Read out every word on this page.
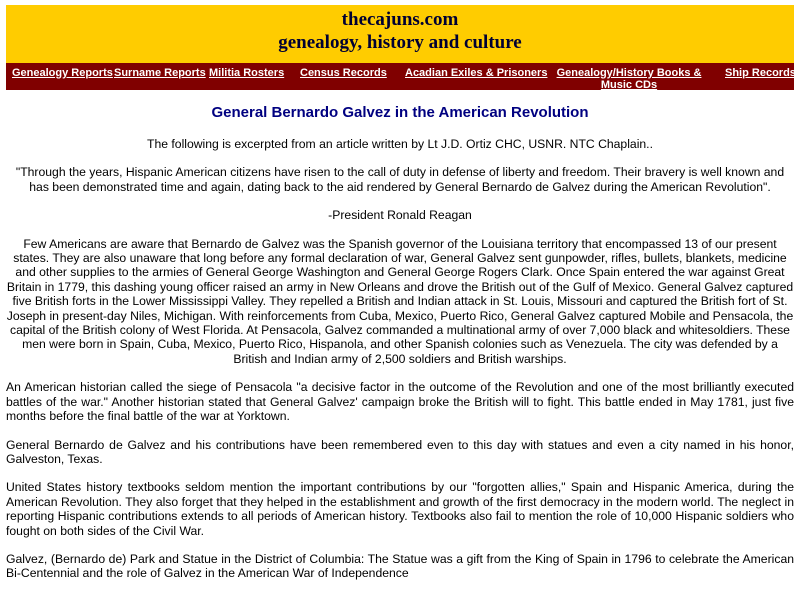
thecajuns.com
genealogy, history and culture
Genealogy Reports Surname Reports Militia Rosters Census Records Acadian Exiles & Prisoners Genealogy/History Books & Music CDs
Ship Records
General Bernardo Galvez in the American Revolution

The following is excerpted from an article written by Lt J.D. Ortiz CHC, USNR. NTC Chaplain..

"Through the years, Hispanic American citizens have risen to the call of duty in defense of liberty and freedom. Their bravery is well known and has been demonstrated time and again, dating back to the aid rendered by General Bernardo de Galvez during the American Revolution".

-President Ronald Reagan

Few Americans are aware that Bernardo de Galvez was the Spanish governor of the Louisiana territory that encompassed 13 of our present states. They are also unaware that long before any formal declaration of war, General Galvez sent gunpowder, rifles, bullets, blankets, medicine and other supplies to the armies of General George Washington and General George Rogers Clark. Once Spain entered the war against Great Britain in 1779, this dashing young officer raised an army in New Orleans and drove the British out of the Gulf of Mexico. General Galvez captured five British forts in the Lower Mississippi Valley. They repelled a British and Indian attack in St. Louis, Missouri and captured the British fort of St. Joseph in present-day Niles, Michigan. With reinforcements from Cuba, Mexico, Puerto Rico, General Galvez captured Mobile and Pensacola, the capital of the British colony of West Florida. At Pensacola, Galvez commanded a multinational army of over 7,000 black and whitesoldiers. These men were born in Spain, Cuba, Mexico, Puerto Rico, Hispanola, and other Spanish colonies such as Venezuela. The city was defended by a British and Indian army of 2,500 soldiers and British warships.

An American historian called the siege of Pensacola "a decisive factor in the outcome of the Revolution and one of the most brilliantly executed battles of the war." Another historian stated that General Galvez' campaign broke the British will to fight. This battle ended in May 1781, just five months before the final battle of the war at Yorktown.

General Bernardo de Galvez and his contributions have been remembered even to this day with statues and even a city named in his honor, Galveston, Texas.

United States history textbooks seldom mention the important contributions by our "forgotten allies," Spain and Hispanic America, during the American Revolution. They also forget that they helped in the establishment and growth of the first democracy in the modern world. The neglect in reporting Hispanic contributions extends to all periods of American history. Textbooks also fail to mention the role of 10,000 Hispanic soldiers who fought on both sides of the Civil War.

Galvez, (Bernardo de) Park and Statue in the District of Columbia: The Statue was a gift from the King of Spain in 1796 to celebrate the American Bi-Centennial and the role of Galvez in the American War of Independence
